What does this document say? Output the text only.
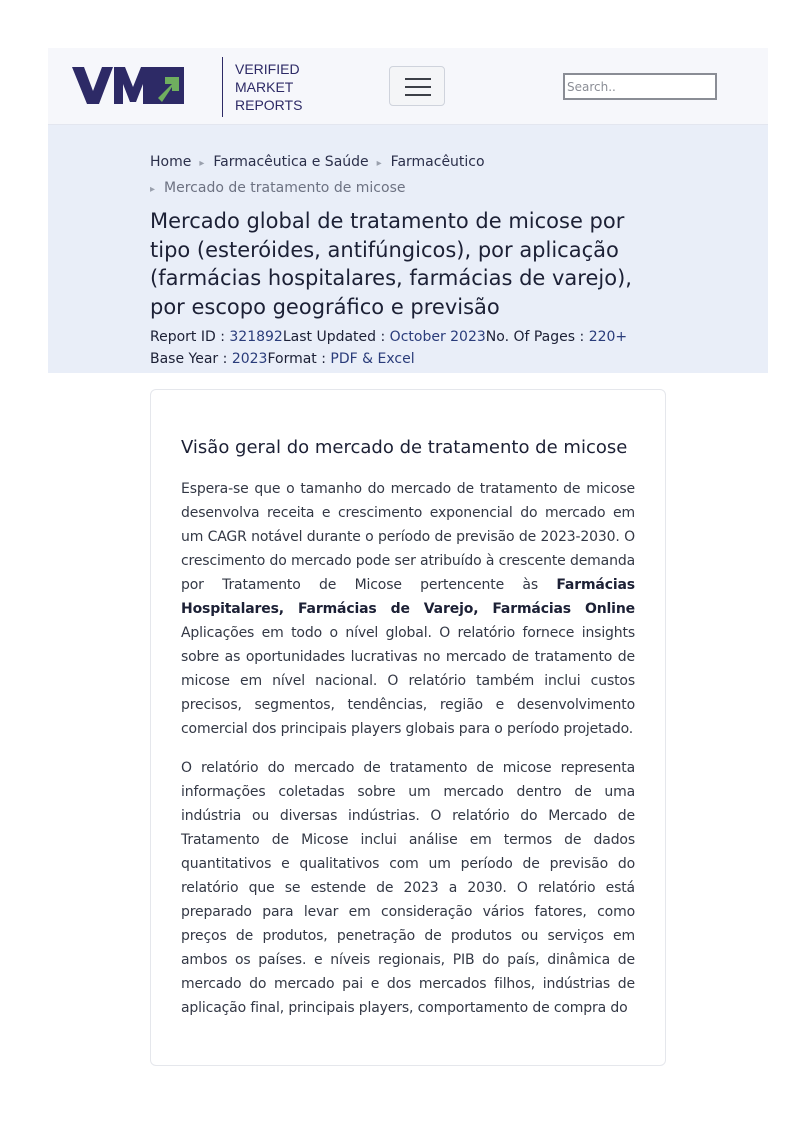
VERIFIED
MARKET
REPORTS
Search..
Home ▸ Farmacêutica e Saúde ▸ Farmacêutico
▸ Mercado de tratamento de micose
Mercado global de tratamento de micose por tipo (esteróides, antifúngicos), por aplicação (farmácias hospitalares, farmácias de varejo), por escopo geográfico e previsão
Report ID : 321892Last Updated : October 2023No. Of Pages : 220+
Base Year : 2023Format : PDF & Excel
Visão geral do mercado de tratamento de micose

Espera-se que o tamanho do mercado de tratamento de micose desenvolva receita e crescimento exponencial do mercado em um CAGR notável durante o período de previsão de 2023-2030. O crescimento do mercado pode ser atribuído à crescente demanda por Tratamento de Micose pertencente às Farmácias Hospitalares, Farmácias de Varejo, Farmácias Online Aplicações em todo o nível global. O relatório fornece insights sobre as oportunidades lucrativas no mercado de tratamento de micose em nível nacional. O relatório também inclui custos precisos, segmentos, tendências, região e desenvolvimento comercial dos principais players globais para o período projetado.

O relatório do mercado de tratamento de micose representa informações coletadas sobre um mercado dentro de uma indústria ou diversas indústrias. O relatório do Mercado de Tratamento de Micose inclui análise em termos de dados quantitativos e qualitativos com um período de previsão do relatório que se estende de 2023 a 2030. O relatório está preparado para levar em consideração vários fatores, como preços de produtos, penetração de produtos ou serviços em ambos os países. e níveis regionais, PIB do país, dinâmica de mercado do mercado pai e dos mercados filhos, indústrias de aplicação final, principais players, comportamento de compra do
